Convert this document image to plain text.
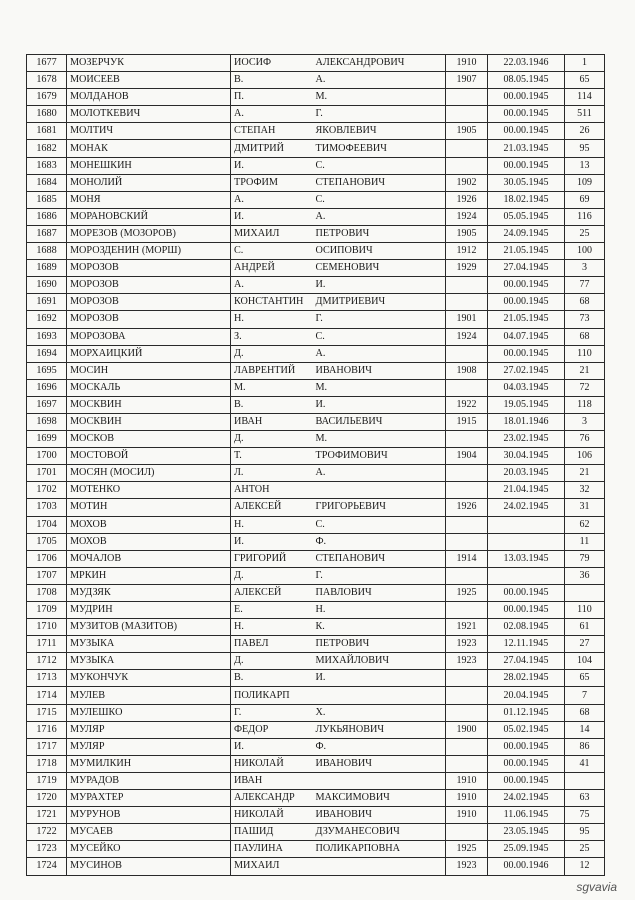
1677	МОЗЕРЧУК	ИОСИФ	АЛЕКСАНДРОВИЧ	1910	22.03.1946	1
1678	МОИСЕЕВ	В.	А.	1907	08.05.1945	65
1679	МОЛДАНОВ	П.	М.		00.00.1945	114
1680	МОЛОТКЕВИЧ	А.	Г.		00.00.1945	511
1681	МОЛТИЧ	СТЕПАН	ЯКОВЛЕВИЧ	1905	00.00.1945	26
1682	МОНАК	ДМИТРИЙ	ТИМОФЕЕВИЧ		21.03.1945	95
1683	МОНЕШКИН	И.	С.		00.00.1945	13
1684	МОНОЛИЙ	ТРОФИМ	СТЕПАНОВИЧ	1902	30.05.1945	109
1685	МОНЯ	А.	С.	1926	18.02.1945	69
1686	МОРАНОВСКИЙ	И.	А.	1924	05.05.1945	116
1687	МОРЕЗОВ (МОЗОРОВ)	МИХАИЛ	ПЕТРОВИЧ	1905	24.09.1945	25
1688	МОРОЗДЕНИН (МОРШ)	С.	ОСИПОВИЧ	1912	21.05.1945	100
1689	МОРОЗОВ	АНДРЕЙ	СЕМЕНОВИЧ	1929	27.04.1945	3
1690	МОРОЗОВ	А.	И.		00.00.1945	77
1691	МОРОЗОВ	КОНСТАНТИН	ДМИТРИЕВИЧ		00.00.1945	68
1692	МОРОЗОВ	Н.	Г.	1901	21.05.1945	73
1693	МОРОЗОВА	З.	С.	1924	04.07.1945	68
1694	МОРХАИЦКИЙ	Д.	А.		00.00.1945	110
1695	МОСИН	ЛАВРЕНТИЙ	ИВАНОВИЧ	1908	27.02.1945	21
1696	МОСКАЛЬ	М.	М.		04.03.1945	72
1697	МОСКВИН	В.	И.	1922	19.05.1945	118
1698	МОСКВИН	ИВАН	ВАСИЛЬЕВИЧ	1915	18.01.1946	3
1699	МОСКОВ	Д.	М.		23.02.1945	76
1700	МОСТОВОЙ	Т.	ТРОФИМОВИЧ	1904	30.04.1945	106
1701	МОСЯН (МОСИЛ)	Л.	А.		20.03.1945	21
1702	МОТЕНКО	АНТОН			21.04.1945	32
1703	МОТИН	АЛЕКСЕЙ	ГРИГОРЬЕВИЧ	1926	24.02.1945	31
1704	МОХОВ	Н.	С.			62
1705	МОХОВ	И.	Ф.			11
1706	МОЧАЛОВ	ГРИГОРИЙ	СТЕПАНОВИЧ	1914	13.03.1945	79
1707	МРКИН	Д.	Г.			36
1708	МУДЗЯК	АЛЕКСЕЙ	ПАВЛОВИЧ	1925	00.00.1945	
1709	МУДРИН	Е.	Н.		00.00.1945	110
1710	МУЗИТОВ (МАЗИТОВ)	Н.	К.	1921	02.08.1945	61
1711	МУЗЫКА	ПАВЕЛ	ПЕТРОВИЧ	1923	12.11.1945	27
1712	МУЗЫКА	Д.	МИХАЙЛОВИЧ	1923	27.04.1945	104
1713	МУКОНЧУК	В.	И.		28.02.1945	65
1714	МУЛЕВ	ПОЛИКАРП			20.04.1945	7
1715	МУЛЕШКО	Г.	Х.		01.12.1945	68
1716	МУЛЯР	ФЕДОР	ЛУКЬЯНОВИЧ	1900	05.02.1945	14
1717	МУЛЯР	И.	Ф.		00.00.1945	86
1718	МУМИЛКИН	НИКОЛАЙ	ИВАНОВИЧ		00.00.1945	41
1719	МУРАДОВ	ИВАН		1910	00.00.1945	
1720	МУРАХТЕР	АЛЕКСАНДР	МАКСИМОВИЧ	1910	24.02.1945	63
1721	МУРУНОВ	НИКОЛАЙ	ИВАНОВИЧ	1910	11.06.1945	75
1722	МУСАЕВ	ПАШИД	ДЗУМАНЕСОВИЧ		23.05.1945	95
1723	МУСЕЙКО	ПАУЛИНА	ПОЛИКАРПОВНА	1925	25.09.1945	25
1724	МУСИНОВ	МИХАИЛ		1923	00.00.1946	12
sgvavia
